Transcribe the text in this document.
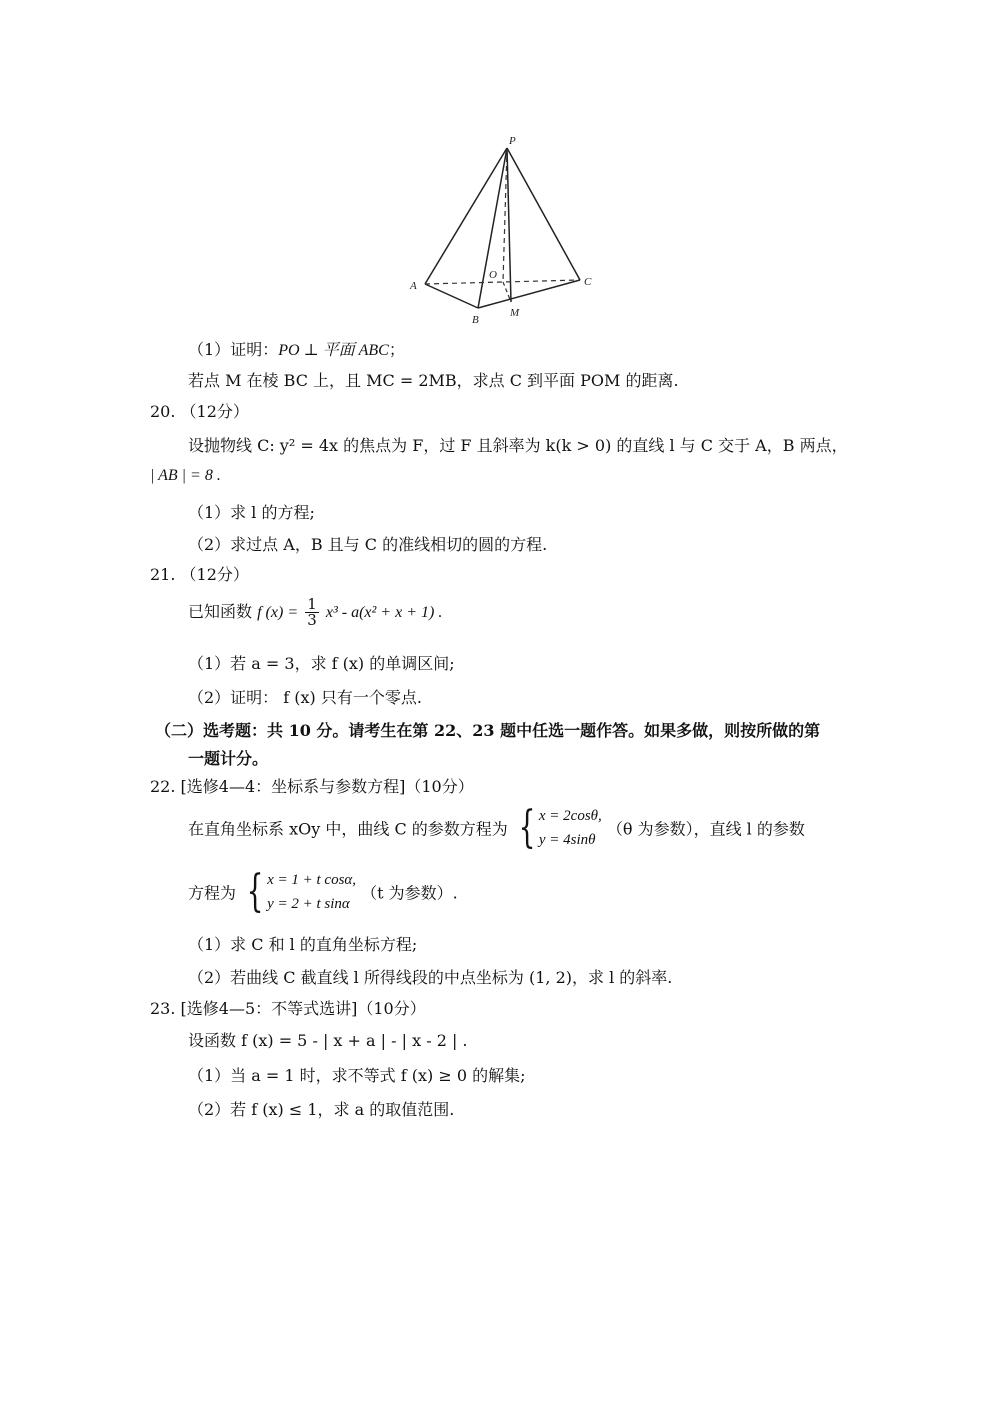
P
A
B
C
O
M
（1）证明：PO ⊥ 平面 ABC；
若点 M 在棱 BC 上，且 MC = 2MB，求点 C 到平面 POM 的距离.
20. （12分）
设抛物线 C: y² = 4x 的焦点为 F，过 F 且斜率为 k(k > 0) 的直线 l 与 C 交于 A，B 两点，
| AB | = 8 .
（1）求 l 的方程;
（2）求过点 A，B 且与 C 的准线相切的圆的方程.
21. （12分）
已知函数 f $(x) = \frac{1}{3} x^3 - a(x^2 + x + 1)$ .
（1）若 a = 3，求 f (x) 的单调区间;
（2）证明： f (x) 只有一个零点.
（二）选考题：共 10 分。请考生在第 22、23 题中任选一题作答。如果多做，则按所做的第
一题计分。
22. [选修4—4：坐标系与参数方程]（10分）
在直角坐标系 xOy 中，曲线 C 的参数方程为 { x = 2cosθ,
y = 4sinθ
（θ 为参数），直线 l 的参数
方程为 { x = 1 + t cosα,
y = 2 + t sinα
（t 为参数）.
（1）求 C 和 l 的直角坐标方程;
（2）若曲线 C 截直线 l 所得线段的中点坐标为 (1, 2)，求 l 的斜率.
23. [选修4—5：不等式选讲]（10分）
设函数 f (x) = 5 - | x + a | - | x - 2 | .
（1）当 a = 1 时，求不等式 f (x) ≥ 0 的解集;
（2）若 f (x) ≤ 1，求 a 的取值范围.
